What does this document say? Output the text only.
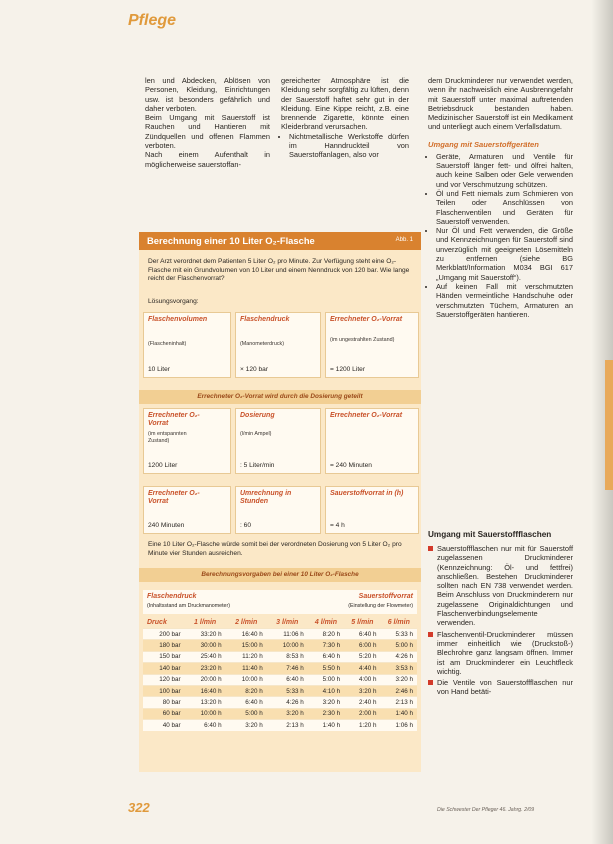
Pflege

len und Abdecken, Ablösen von Personen, Kleidung, Einrichtungen usw. ist besonders gefährlich und daher verboten.

Beim Umgang mit Sauerstoff ist Rauchen und Hantieren mit Zündquellen und offenen Flammen verboten.

Nach einem Aufenthalt in möglicherweise sauerstoffan-

gereicherter Atmosphäre ist die Kleidung sehr sorgfältig zu lüften, denn der Sauerstoff haftet sehr gut in der Kleidung. Eine Kippe reicht, z.B. eine brennende Zigarette, könnte einen Kleiderbrand verursachen.

• Nichtmetallische Werkstoffe dürfen im Hanndruckteil von Sauerstoffanlagen, also vor

dem Druckminderer nur verwendet werden, wenn ihr nachweislich eine Ausbrenngefahr mit Sauerstoff unter maximal auftretenden Betriebsdruck bestanden haben. Medizinischer Sauerstoff ist ein Medikament und unterliegt auch einem Verfallsdatum.

Umgang mit Sauerstoffgeräten
• Geräte, Armaturen und Ventile für Sauerstoff länger fett- und ölfrei halten, auch keine Salben oder Gele verwenden und vor Verschmutzung schützen.
• Öl und Fett niemals zum Schmieren von Teilen oder Anschlüssen von Flaschenventilen und Geräten für Sauerstoff verwenden.
• Nur Öl und Fett verwenden, die Größe und Kennzeichnungen für Sauerstoff sind unverzüglich mit geeigneten Lösemitteln zu entfernen (siehe BG Merkblatt/Information M034 BGI 617 „Umgang mit Sauerstoff“).
• Auf keinen Fall mit verschmutzten Händen vermeintliche Handschuhe oder verschmutzten Tüchern, Armaturen an Sauerstoffgeräten hantieren.
Umgang mit Sauerstoffflaschen

Sauerstoffflaschen nur mit für Sauerstoff zugelassenen Druckminderer (Kennzeichnung: Öl- und fettfrei) anschließen. Bestehen Druckminderer sollten nach EN 738 verwendet werden. Beim Anschluss von Druckminderern nur zugelassene Originaldichtungen und Flaschenverbindungselemente verwenden.

Flaschenventil-Druckminderer müssen immer einheitlich wie (Druckstoß-) Blechrohre ganz langsam öffnen. Immer ist am Druckminderer ein Leuchtfleck wichtig.

Die Ventile von Sauerstoffflaschen nur von Hand betäti-

Berechnung einer 10 Liter O₂-Flasche	Abb. 1
Der Arzt verordnet dem Patienten 5 Liter O₂ pro Minute. Zur Verfügung steht eine O₂-Flasche mit ein Grundvolumen von 10 Liter und einem Nenndruck von 120 bar. Wie lange reicht der Flaschenvorrat?
Lösungsvorgang:
Flaschenvolumen
(Flascheninhalt)
10 Liter
Flaschendruck
(Manometerdruck)
× 120 bar
Errechneter O₂-Vorrat
(im ungestrahlten Zustand)
= 1200 Liter
Errechneter O₂-Vorrat wird durch die Dosierung geteilt
Errechneter O₂-Vorrat
(im entspannten Zustand)
1200 Liter
Dosierung
(l/min Ampel)
: 5 Liter/min
Errechneter O₂-Vorrat
= 240 Minuten
Errechneter O₂-Vorrat
240 Minuten
Umrechnung in Stunden
: 60
Sauerstoffvorrat in (h)
= 4 h
Eine 10 Liter O₂-Flasche würde somit bei der verordneten Dosierung von 5 Liter O₂ pro Minute vier Stunden ausreichen.
Berechnungsvorgaben bei einer 10 Liter O₂-Flasche
Flaschendruck
(Inhaltsstand am Druckmanometer)
Sauerstoffvorrat
(Einstellung der Flowmeter)
Druck	1 l/min	2 l/min	3 l/min	4 l/min	5 l/min	6 l/min
200 bar	33:20 h	16:40 h	11:06 h	8:20 h	6:40 h	5:33 h
180 bar	30:00 h	15:00 h	10:00 h	7:30 h	6:00 h	5:00 h
150 bar	25:40 h	11:20 h	8:53 h	6:40 h	5:20 h	4:26 h
140 bar	23:20 h	11:40 h	7:46 h	5:50 h	4:40 h	3:53 h
120 bar	20:00 h	10:00 h	6:40 h	5:00 h	4:00 h	3:20 h
100 bar	16:40 h	8:20 h	5:33 h	4:10 h	3:20 h	2:46 h
80 bar	13:20 h	6:40 h	4:26 h	3:20 h	2:40 h	2:13 h
60 bar	10:00 h	5:00 h	3:20 h	2:30 h	2:00 h	1:40 h
40 bar	6:40 h	3:20 h	2:13 h	1:40 h	1:20 h	1:06 h
322	Die Schwester Der Pfleger 46. Jahrg. 2/09
